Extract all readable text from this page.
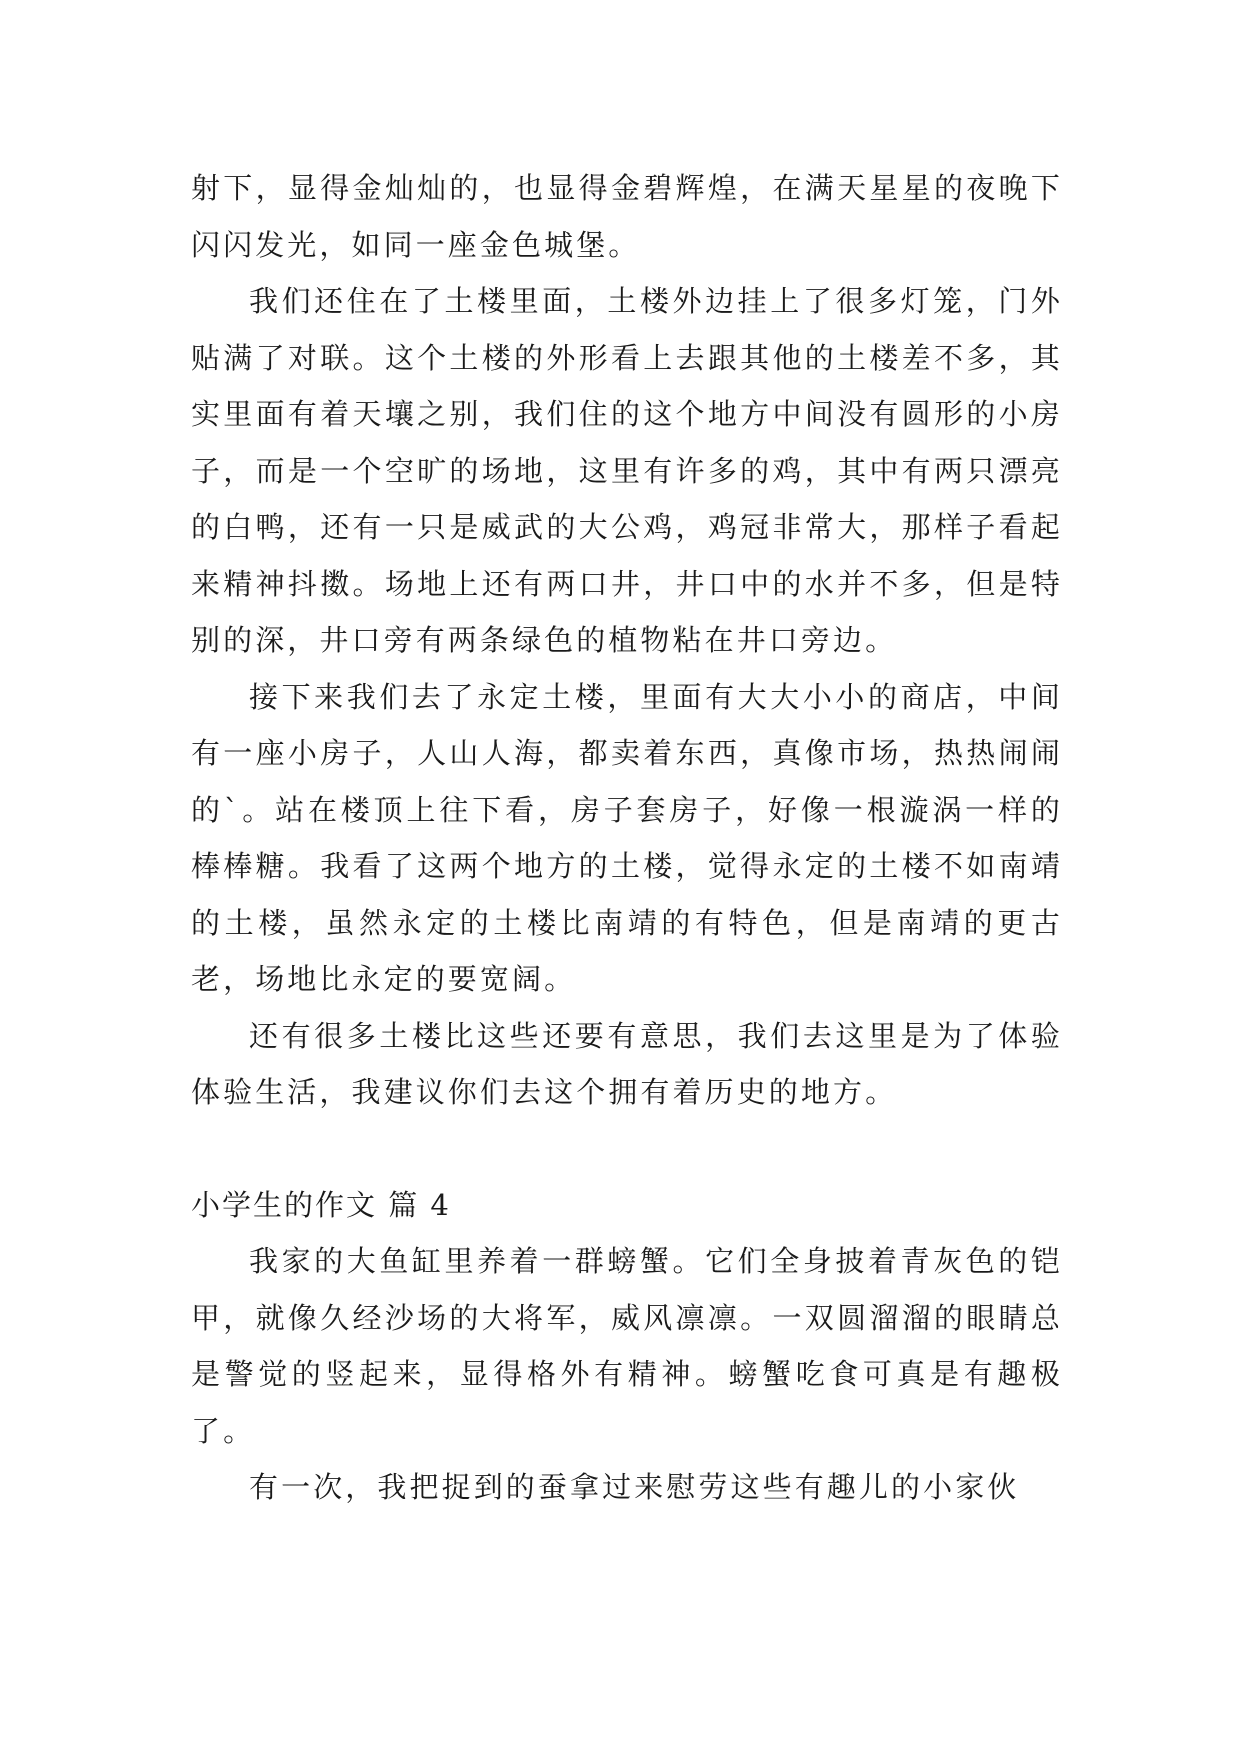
射下，显得金灿灿的，也显得金碧辉煌，在满天星星的夜晚下闪闪发光，如同一座金色城堡。

我们还住在了土楼里面，土楼外边挂上了很多灯笼，门外贴满了对联。这个土楼的外形看上去跟其他的土楼差不多，其实里面有着天壤之别，我们住的这个地方中间没有圆形的小房子，而是一个空旷的场地，这里有许多的鸡，其中有两只漂亮的白鸭，还有一只是威武的大公鸡，鸡冠非常大，那样子看起来精神抖擞。场地上还有两口井，井口中的水并不多，但是特别的深，井口旁有两条绿色的植物粘在井口旁边。

接下来我们去了永定土楼，里面有大大小小的商店，中间有一座小房子，人山人海，都卖着东西，真像市场，热热闹闹的`。站在楼顶上往下看，房子套房子，好像一根漩涡一样的棒棒糖。我看了这两个地方的土楼，觉得永定的土楼不如南靖的土楼，虽然永定的土楼比南靖的有特色，但是南靖的更古老，场地比永定的要宽阔。

还有很多土楼比这些还要有意思，我们去这里是为了体验体验生活，我建议你们去这个拥有着历史的地方。

小学生的作文 篇 4

我家的大鱼缸里养着一群螃蟹。它们全身披着青灰色的铠甲，就像久经沙场的大将军，威风凛凛。一双圆溜溜的眼睛总是警觉的竖起来，显得格外有精神。螃蟹吃食可真是有趣极了。

有一次，我把捉到的蚕拿过来慰劳这些有趣儿的小家伙
